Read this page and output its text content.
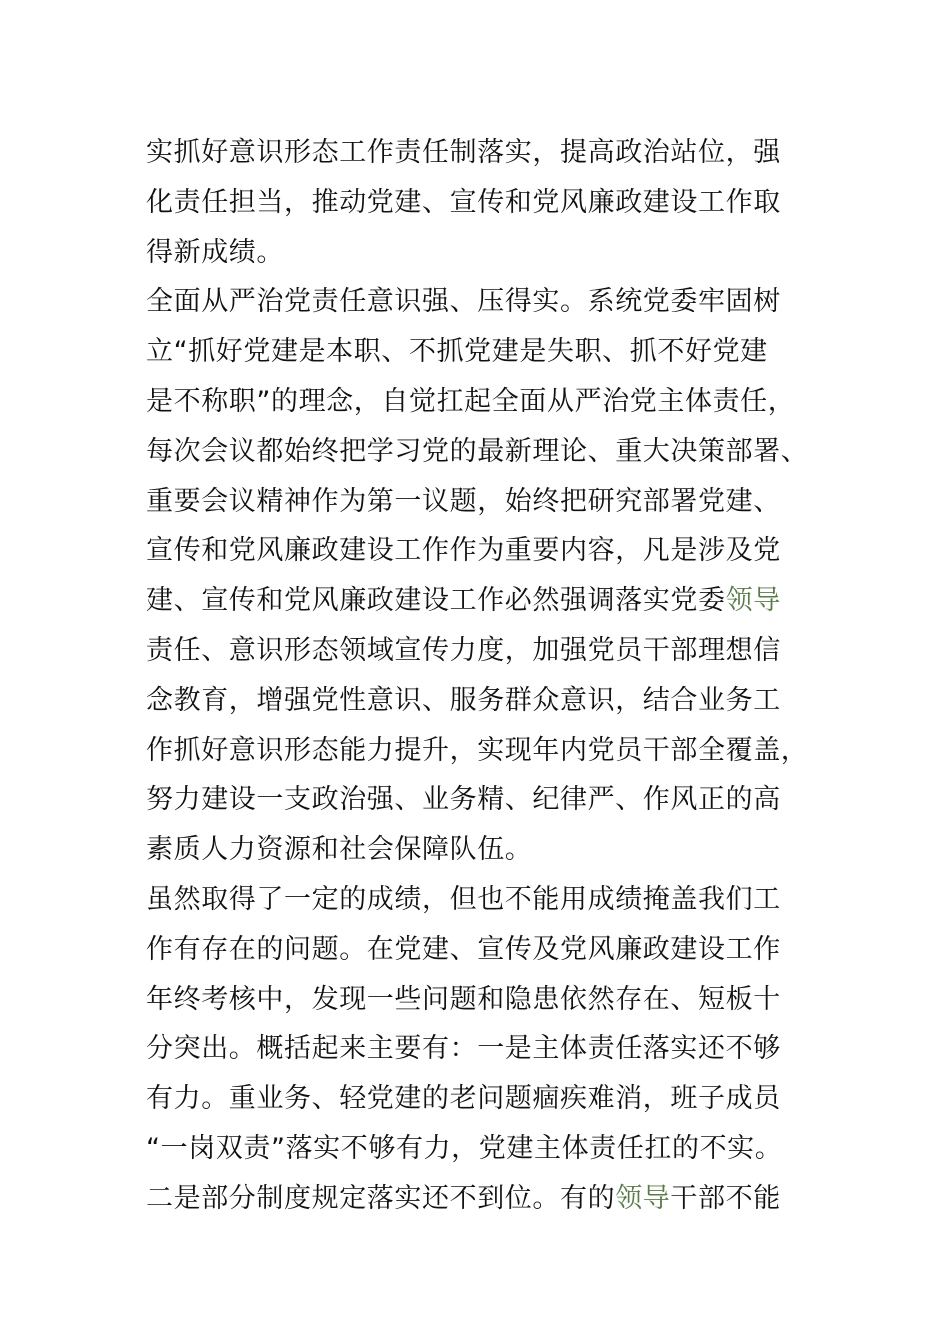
实抓好意识形态工作责任制落实，提高政治站位，强
化责任担当，推动党建、宣传和党风廉政建设工作取
得新成绩。
全面从严治党责任意识强、压得实。系统党委牢固树
立“抓好党建是本职、不抓党建是失职、抓不好党建
是不称职”的理念，自觉扛起全面从严治党主体责任，
每次会议都始终把学习党的最新理论、重大决策部署、
重要会议精神作为第一议题，始终把研究部署党建、
宣传和党风廉政建设工作作为重要内容，凡是涉及党
建、宣传和党风廉政建设工作必然强调落实党委领导
责任、意识形态领域宣传力度，加强党员干部理想信
念教育，增强党性意识、服务群众意识，结合业务工
作抓好意识形态能力提升，实现年内党员干部全覆盖，
努力建设一支政治强、业务精、纪律严、作风正的高
素质人力资源和社会保障队伍。
虽然取得了一定的成绩，但也不能用成绩掩盖我们工
作有存在的问题。在党建、宣传及党风廉政建设工作
年终考核中，发现一些问题和隐患依然存在、短板十
分突出。概括起来主要有：一是主体责任落实还不够
有力。重业务、轻党建的老问题痼疾难消，班子成员
“一岗双责”落实不够有力，党建主体责任扛的不实。
二是部分制度规定落实还不到位。有的领导干部不能
